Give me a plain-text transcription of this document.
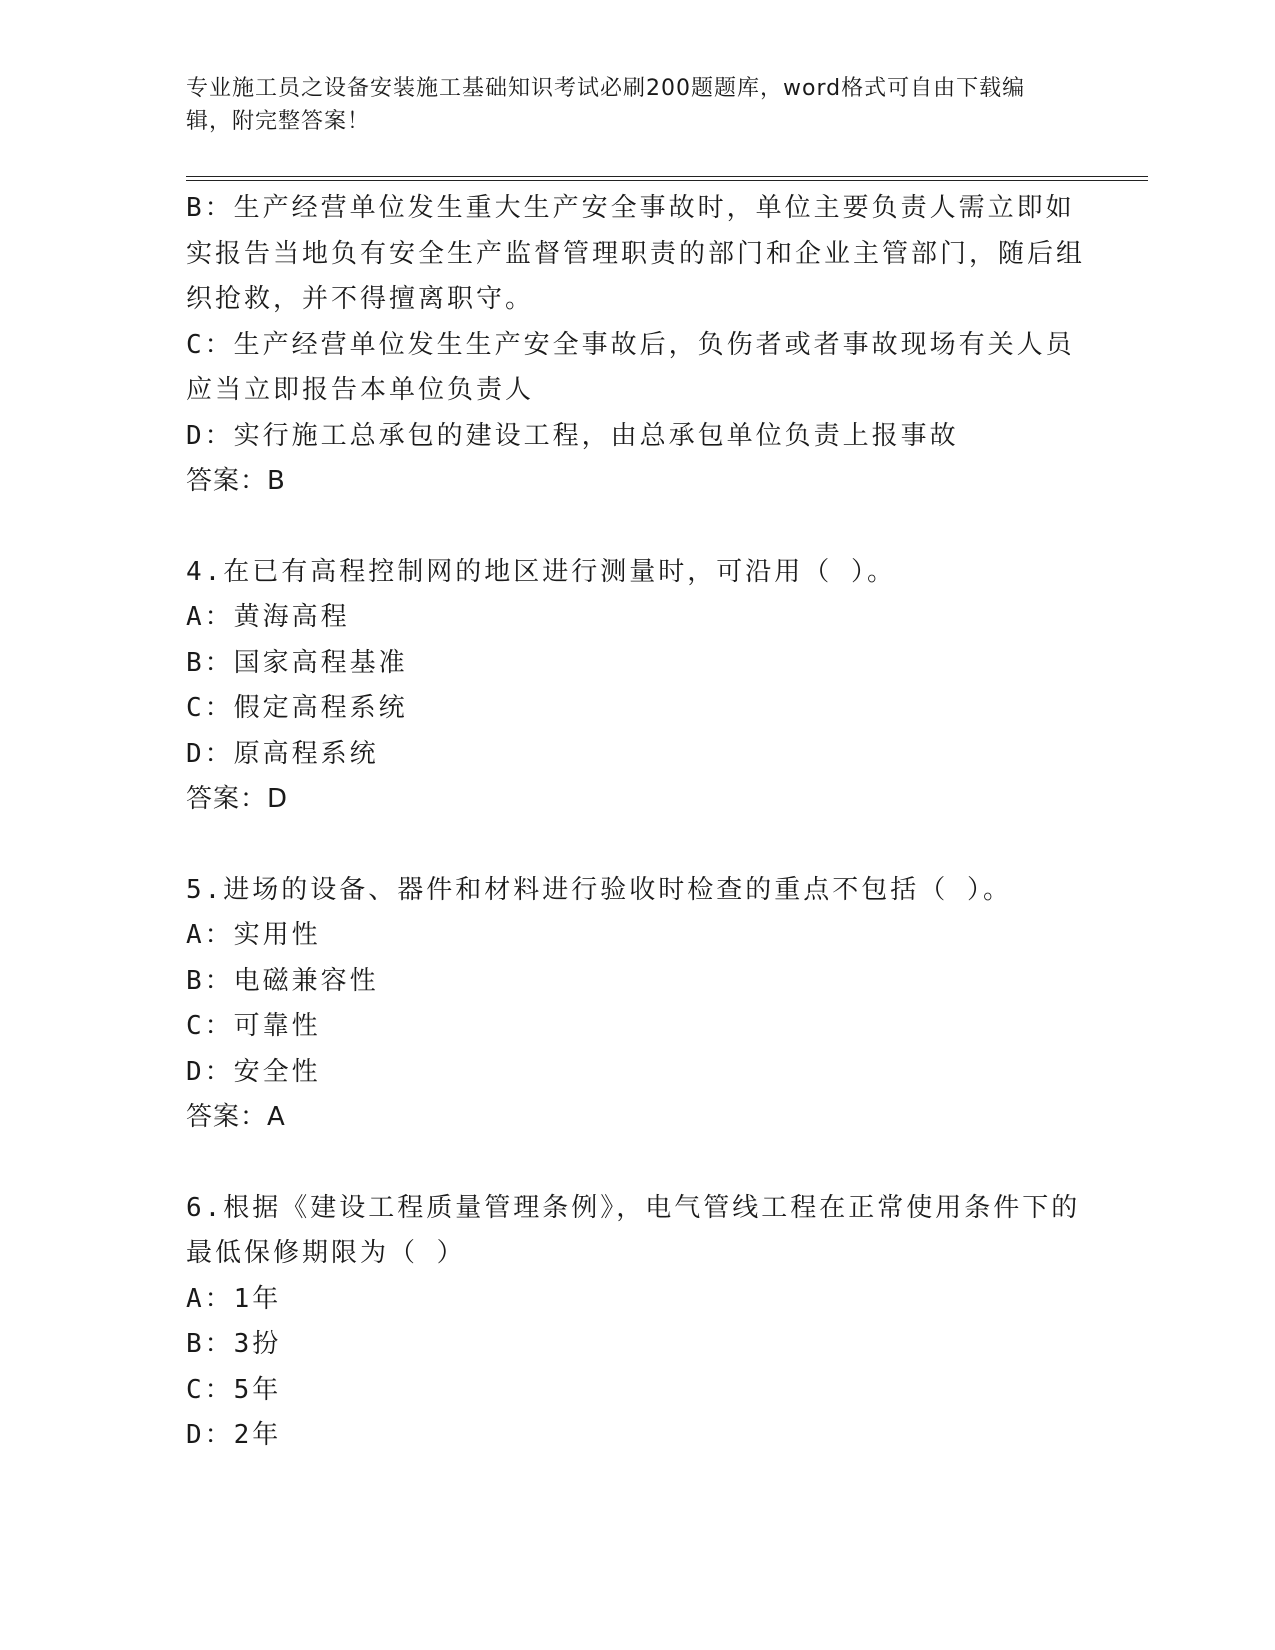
专业施工员之设备安装施工基础知识考试必刷200题题库，word格式可自由下载编辑，附完整答案！
B：生产经营单位发生重大生产安全事故时，单位主要负责人需立即如实报告当地负有安全生产监督管理职责的部门和企业主管部门，随后组织抢救，并不得擅离职守。
C：生产经营单位发生生产安全事故后，负伤者或者事故现场有关人员应当立即报告本单位负责人
D：实行施工总承包的建设工程，由总承包单位负责上报事故
答案：B
4.在已有高程控制网的地区进行测量时，可沿用（ ）。
A：黄海高程
B：国家高程基准
C：假定高程系统
D：原高程系统
答案：D
5.进场的设备、器件和材料进行验收时检查的重点不包括（ ）。
A：实用性
B：电磁兼容性
C：可靠性
D：安全性
答案：A
6.根据《建设工程质量管理条例》，电气管线工程在正常使用条件下的最低保修期限为（ ）
A：1年
B：3扮
C：5年
D：2年
